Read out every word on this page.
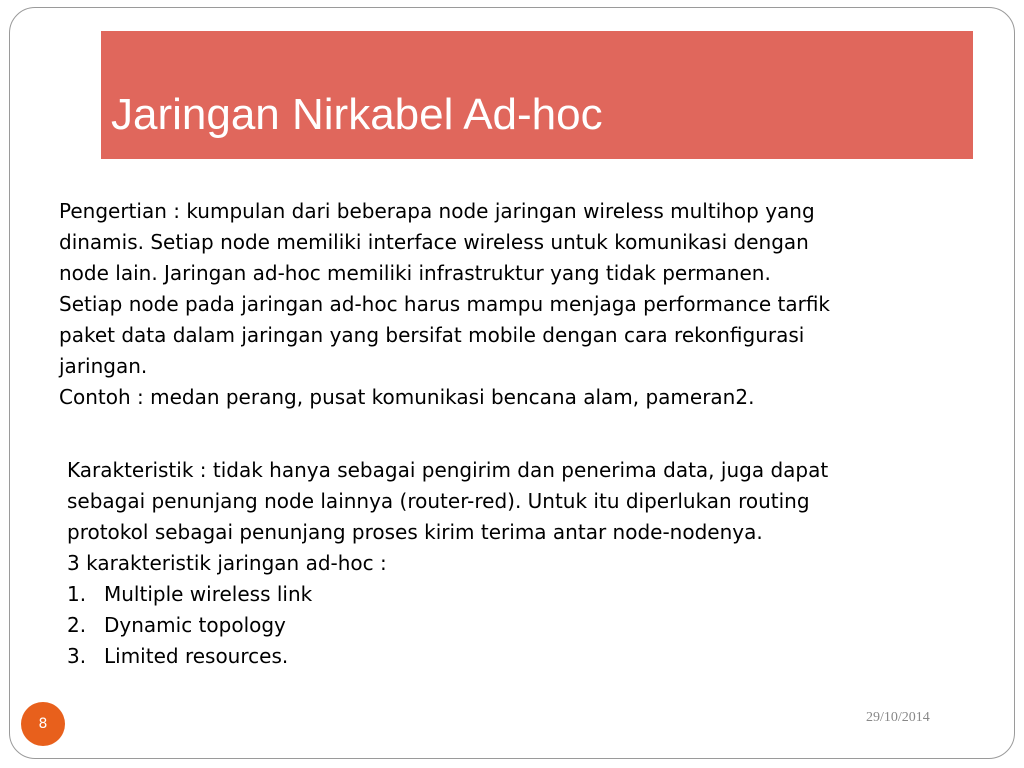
Jaringan Nirkabel Ad-hoc

Pengertian : kumpulan dari beberapa node jaringan wireless multihop yang

dinamis. Setiap node memiliki interface wireless untuk komunikasi dengan

node lain. Jaringan ad-hoc memiliki infrastruktur yang tidak permanen.

Setiap node pada jaringan ad-hoc harus mampu menjaga performance tarfik

paket data dalam jaringan yang bersifat mobile dengan cara rekonfigurasi

jaringan.

Contoh : medan perang, pusat komunikasi bencana alam, pameran2.

Karakteristik : tidak hanya sebagai pengirim dan penerima data, juga dapat

sebagai penunjang node lainnya (router-red). Untuk itu diperlukan routing

protokol sebagai penunjang proses kirim terima antar node-nodenya.

3 karakteristik jaringan ad-hoc :

1. Multiple wireless link
2. Dynamic topology
3. Limited resources.
8	29/10/2014
